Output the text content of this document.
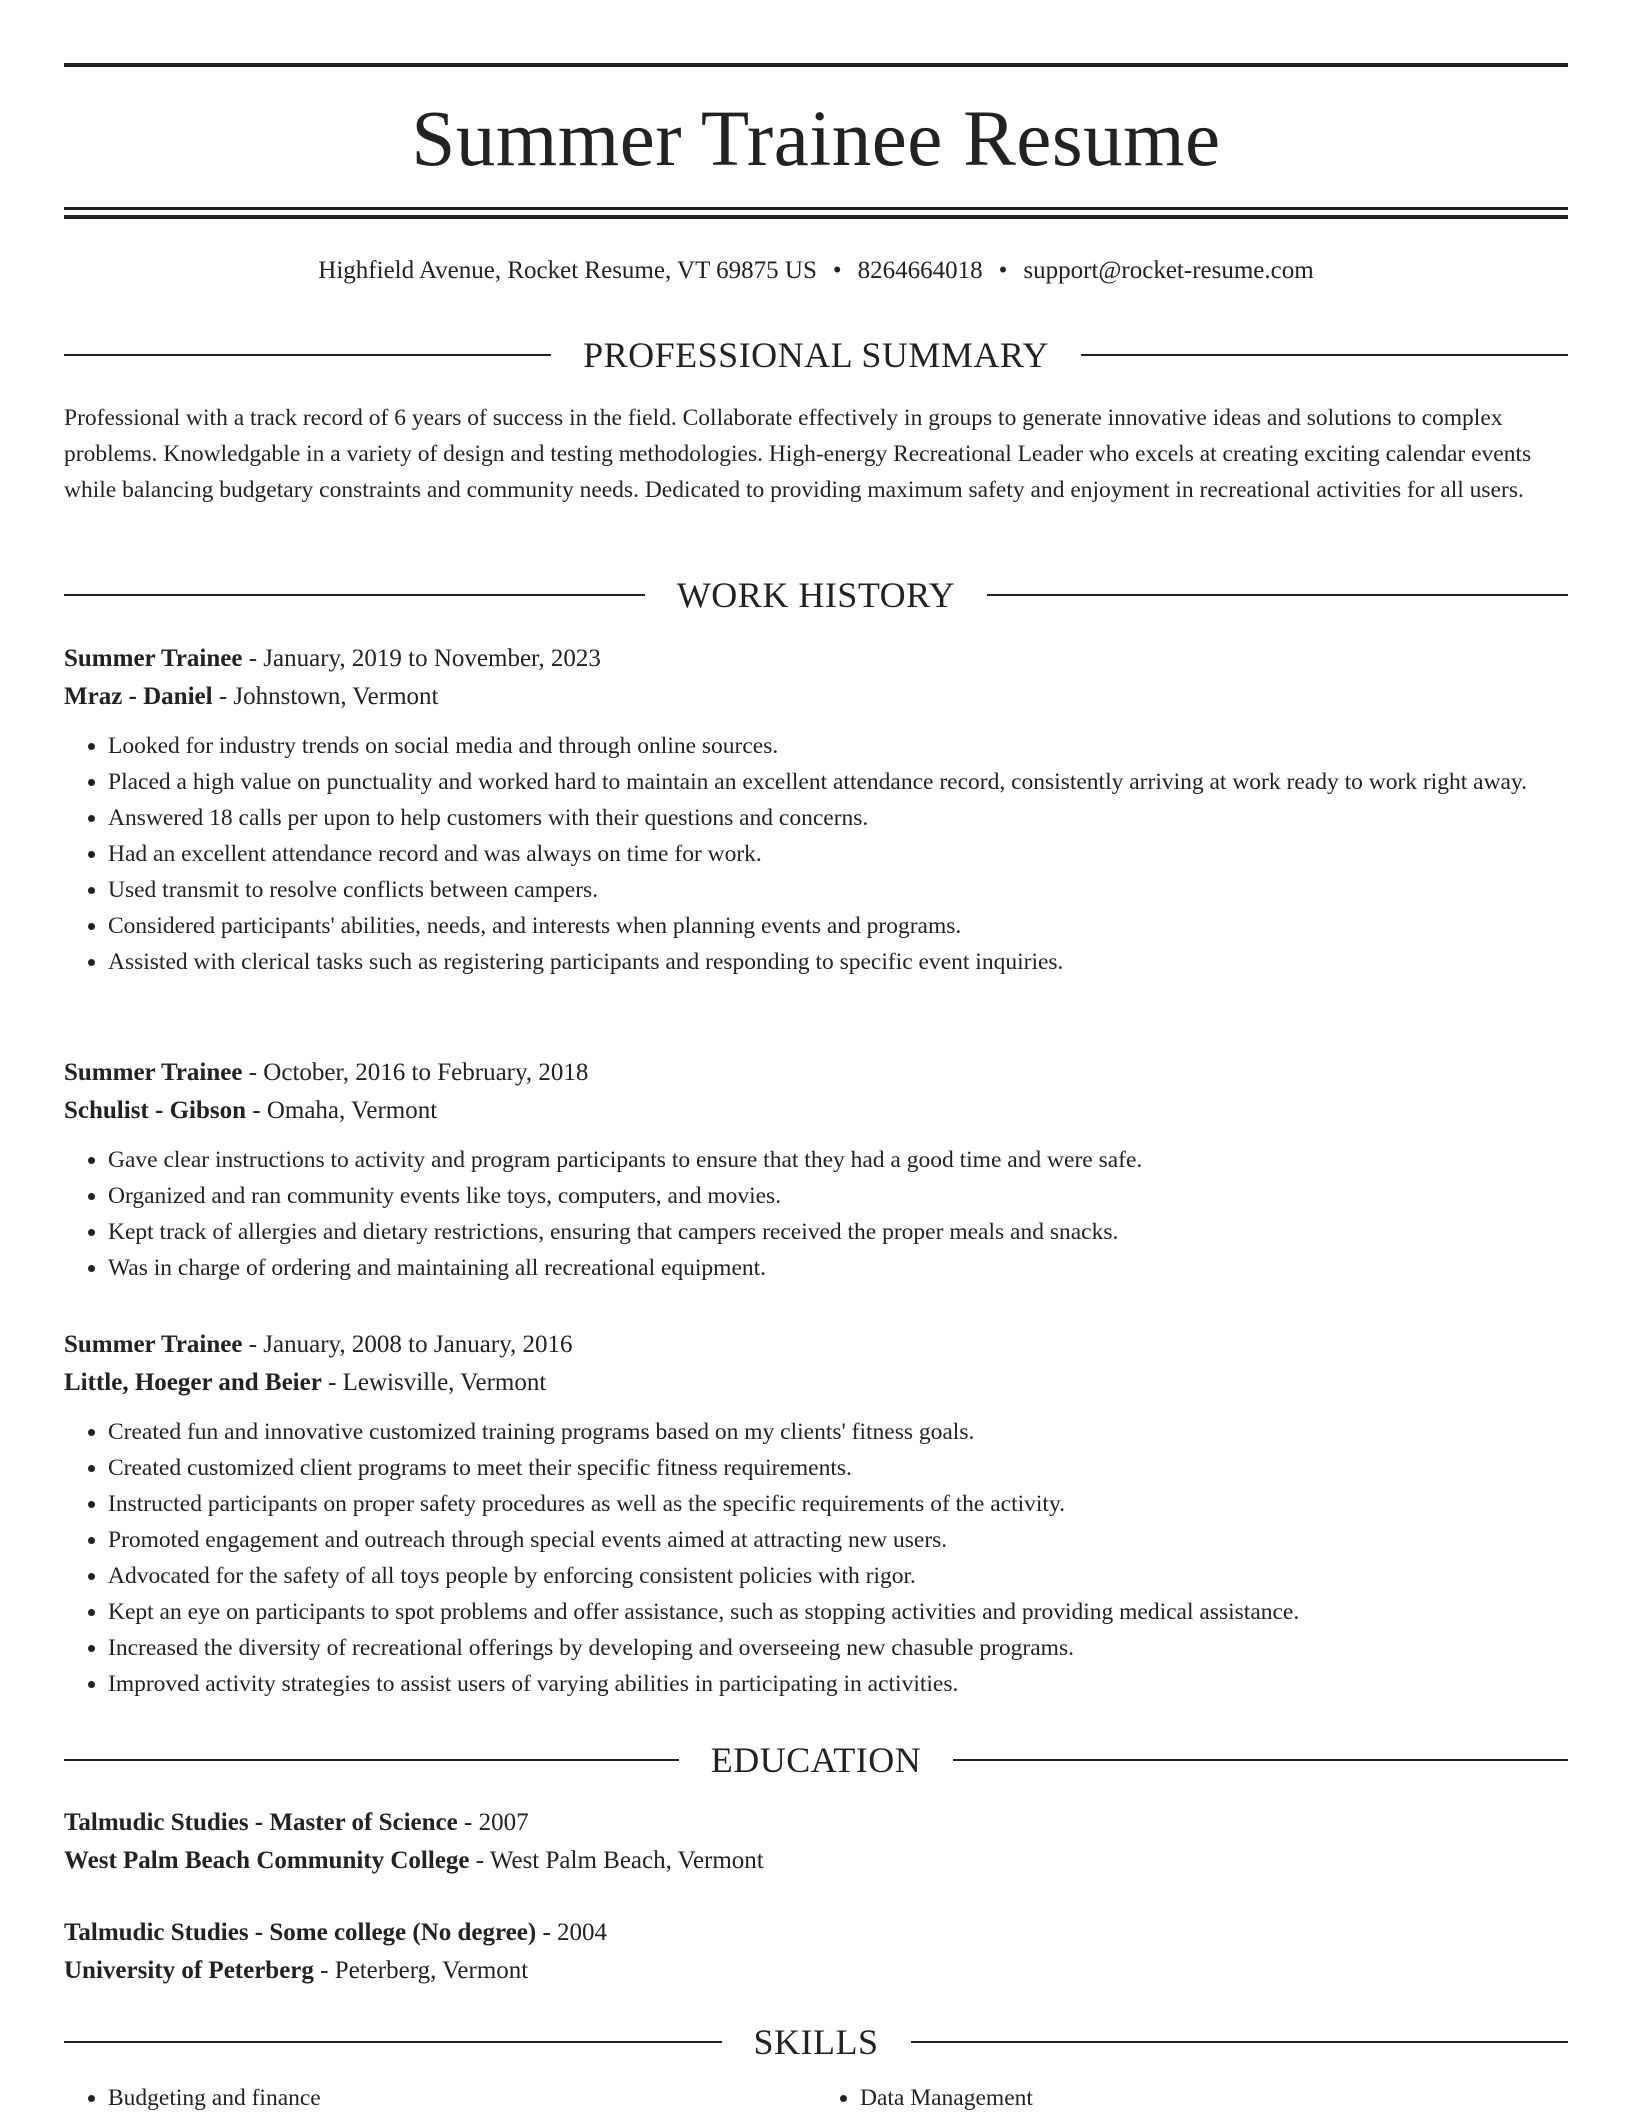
Summer Trainee Resume
Highfield Avenue, Rocket Resume, VT 69875 US • 8264664018 • support@rocket-resume.com
PROFESSIONAL SUMMARY
Professional with a track record of 6 years of success in the field. Collaborate effectively in groups to generate innovative ideas and solutions to complex problems. Knowledgable in a variety of design and testing methodologies. High-energy Recreational Leader who excels at creating exciting calendar events while balancing budgetary constraints and community needs. Dedicated to providing maximum safety and enjoyment in recreational activities for all users.
WORK HISTORY
Summer Trainee - January, 2019 to November, 2023
Mraz - Daniel - Johnstown, Vermont
• Looked for industry trends on social media and through online sources.
• Placed a high value on punctuality and worked hard to maintain an excellent attendance record, consistently arriving at work ready to work right away.
• Answered 18 calls per upon to help customers with their questions and concerns.
• Had an excellent attendance record and was always on time for work.
• Used transmit to resolve conflicts between campers.
• Considered participants' abilities, needs, and interests when planning events and programs.
• Assisted with clerical tasks such as registering participants and responding to specific event inquiries.
Summer Trainee - October, 2016 to February, 2018
Schulist - Gibson - Omaha, Vermont
• Gave clear instructions to activity and program participants to ensure that they had a good time and were safe.
• Organized and ran community events like toys, computers, and movies.
• Kept track of allergies and dietary restrictions, ensuring that campers received the proper meals and snacks.
• Was in charge of ordering and maintaining all recreational equipment.
Summer Trainee - January, 2008 to January, 2016
Little, Hoeger and Beier - Lewisville, Vermont
• Created fun and innovative customized training programs based on my clients' fitness goals.
• Created customized client programs to meet their specific fitness requirements.
• Instructed participants on proper safety procedures as well as the specific requirements of the activity.
• Promoted engagement and outreach through special events aimed at attracting new users.
• Advocated for the safety of all toys people by enforcing consistent policies with rigor.
• Kept an eye on participants to spot problems and offer assistance, such as stopping activities and providing medical assistance.
• Increased the diversity of recreational offerings by developing and overseeing new chasuble programs.
• Improved activity strategies to assist users of varying abilities in participating in activities.
EDUCATION
Talmudic Studies - Master of Science - 2007
West Palm Beach Community College - West Palm Beach, Vermont
Talmudic Studies - Some college (No degree) - 2004
University of Peterberg - Peterberg, Vermont
SKILLS
• Budgeting and finance
•	Data Management
